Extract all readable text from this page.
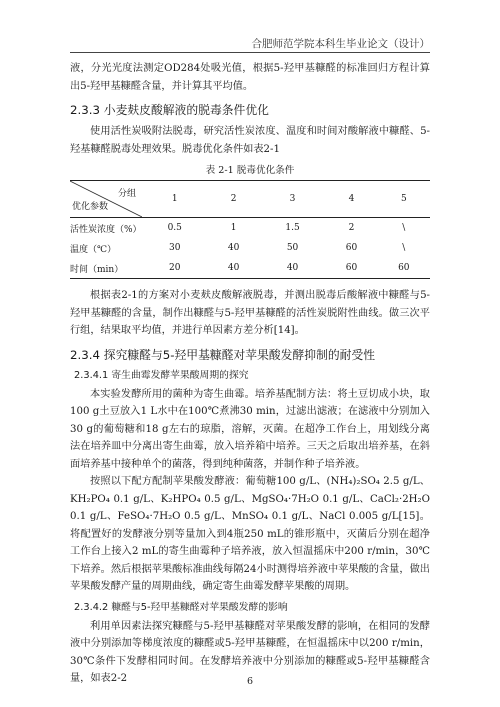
合肥师范学院本科生毕业论文（设计）

液，分光光度法测定OD284处吸光值，根据5-羟甲基糠醛的标准回归方程计算出5-羟甲基糠醛含量，并计算其平均值。

2.3.3 小麦麸皮酸解液的脱毒条件优化

使用活性炭吸附法脱毒，研究活性炭浓度、温度和时间对酸解液中糠醛、5-羟基糠醛脱毒处理效果。脱毒优化条件如表2-1

表 2-1 脱毒优化条件
分组
优化参数	1	2	3	4	5
活性炭浓度（%）	0.5	1	1.5	2	\
温度（℃）	30	40	50	60	\
时间（min）	20	40	40	60	60

根据表2-1的方案对小麦麸皮酸解液脱毒，并测出脱毒后酸解液中糠醛与5-羟甲基糠醛的含量，制作出糠醛与5-羟甲基糠醛的活性炭脱附性曲线。做三次平行组，结果取平均值，并进行单因素方差分析[14]。

2.3.4 探究糠醛与5-羟甲基糠醛对苹果酸发酵抑制的耐受性
2.3.4.1 寄生曲霉发酵苹果酸周期的探究

本实验发酵所用的菌种为寄生曲霉。培养基配制方法：将土豆切成小块，取100 g土豆放入1 L水中在100℃煮沸30 min，过滤出滤液；在滤液中分别加入30 g的葡萄糖和18 g左右的琼脂，溶解，灭菌。在超净工作台上，用划线分离法在培养皿中分离出寄生曲霉，放入培养箱中培养。三天之后取出培养基，在斜面培养基中接种单个的菌落，得到纯种菌落，并制作种子培养液。

按照以下配方配制苹果酸发酵液：葡萄糖100 g/L、(NH₄)₂SO₄ 2.5 g/L、KH₂PO₄ 0.1 g/L、K₂HPO₄ 0.5 g/L、MgSO₄·7H₂O 0.1 g/L、CaCl₂·2H₂O 0.1 g/L、FeSO₄·7H₂O 0.5 g/L、MnSO₄ 0.1 g/L、NaCl 0.005 g/L[15]。将配置好的发酵液分别等量加入到4瓶250 mL的锥形瓶中，灭菌后分别在超净工作台上接入2 mL的寄生曲霉种子培养液，放入恒温摇床中200 r/min，30℃下培养。然后根据苹果酸标准曲线每隔24小时测得培养液中苹果酸的含量，做出苹果酸发酵产量的周期曲线，确定寄生曲霉发酵苹果酸的周期。

2.3.4.2 糠醛与5-羟甲基糠醛对苹果酸发酵的影响

利用单因素法探究糠醛与5-羟甲基糠醛对苹果酸发酵的影响，在相同的发酵液中分别添加等梯度浓度的糠醛或5-羟甲基糠醛，在恒温摇床中以200 r/min，30℃条件下发酵相同时间。在发酵培养液中分别添加的糠醛或5-羟甲基糠醛含量，如表2-2	6
